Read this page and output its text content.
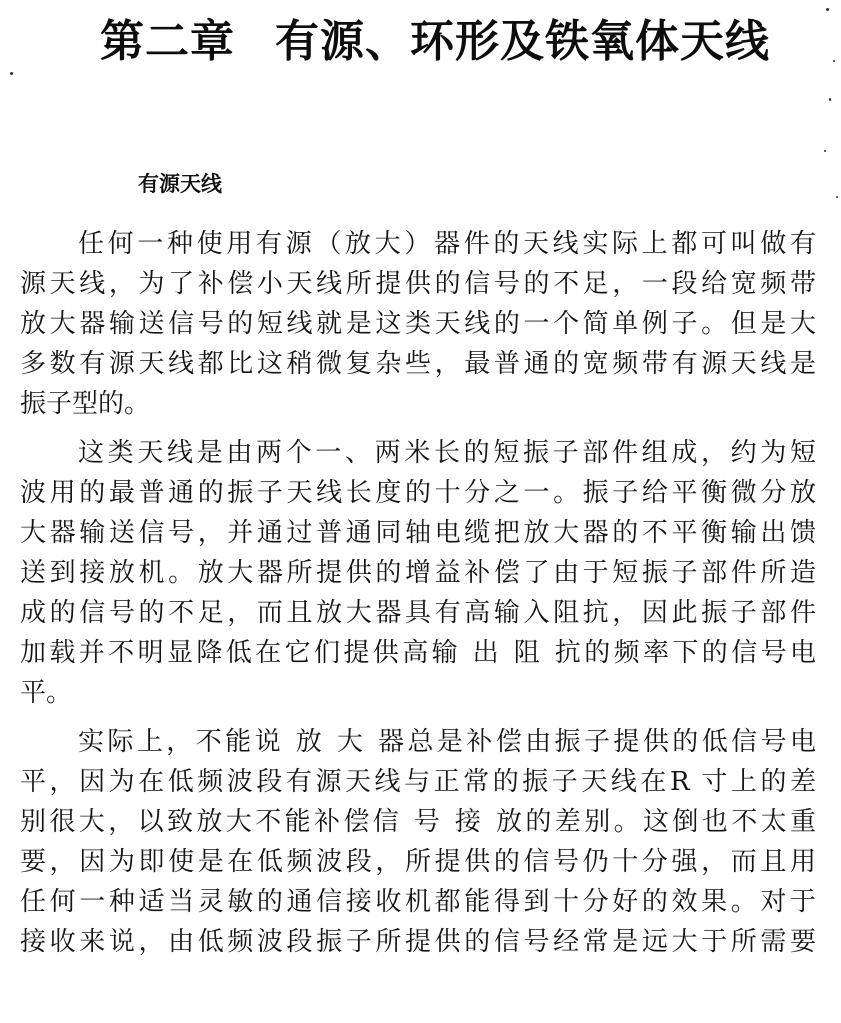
第二章 有源、环形及铁氧体天线
有源天线
任何一种使用有源（放大）器件的天线实际上都可叫做有
源天线，为了补偿小天线所提供的信号的不足，一段给宽频带
放大器输送信号的短线就是这类天线的一个简单例子。但是大
多数有源天线都比这稍微复杂些，最普通的宽频带有源天线是
振子型的。
这类天线是由两个一、两米长的短振子部件组成，约为短
波用的最普通的振子天线长度的十分之一。振子给平衡微分放
大器输送信号，并通过普通同轴电缆把放大器的不平衡输出馈
送到接放机。放大器所提供的增益补偿了由于短振子部件所造
成的信号的不足，而且放大器具有高输入阻抗，因此振子部件
加载并不明显降低在它们提供高输 出 阻 抗的频率下的信号电
平。
实际上，不能说 放 大 器总是补偿由振子提供的低信号电
平，因为在低频波段有源天线与正常的振子天线在R 寸上的差
别很大，以致放大不能补偿信 号 接 放的差别。这倒也不太重
要，因为即使是在低频波段，所提供的信号仍十分强，而且用
任何一种适当灵敏的通信接收机都能得到十分好的效果。对于
接收来说，由低频波段振子所提供的信号经常是远大于所需要
